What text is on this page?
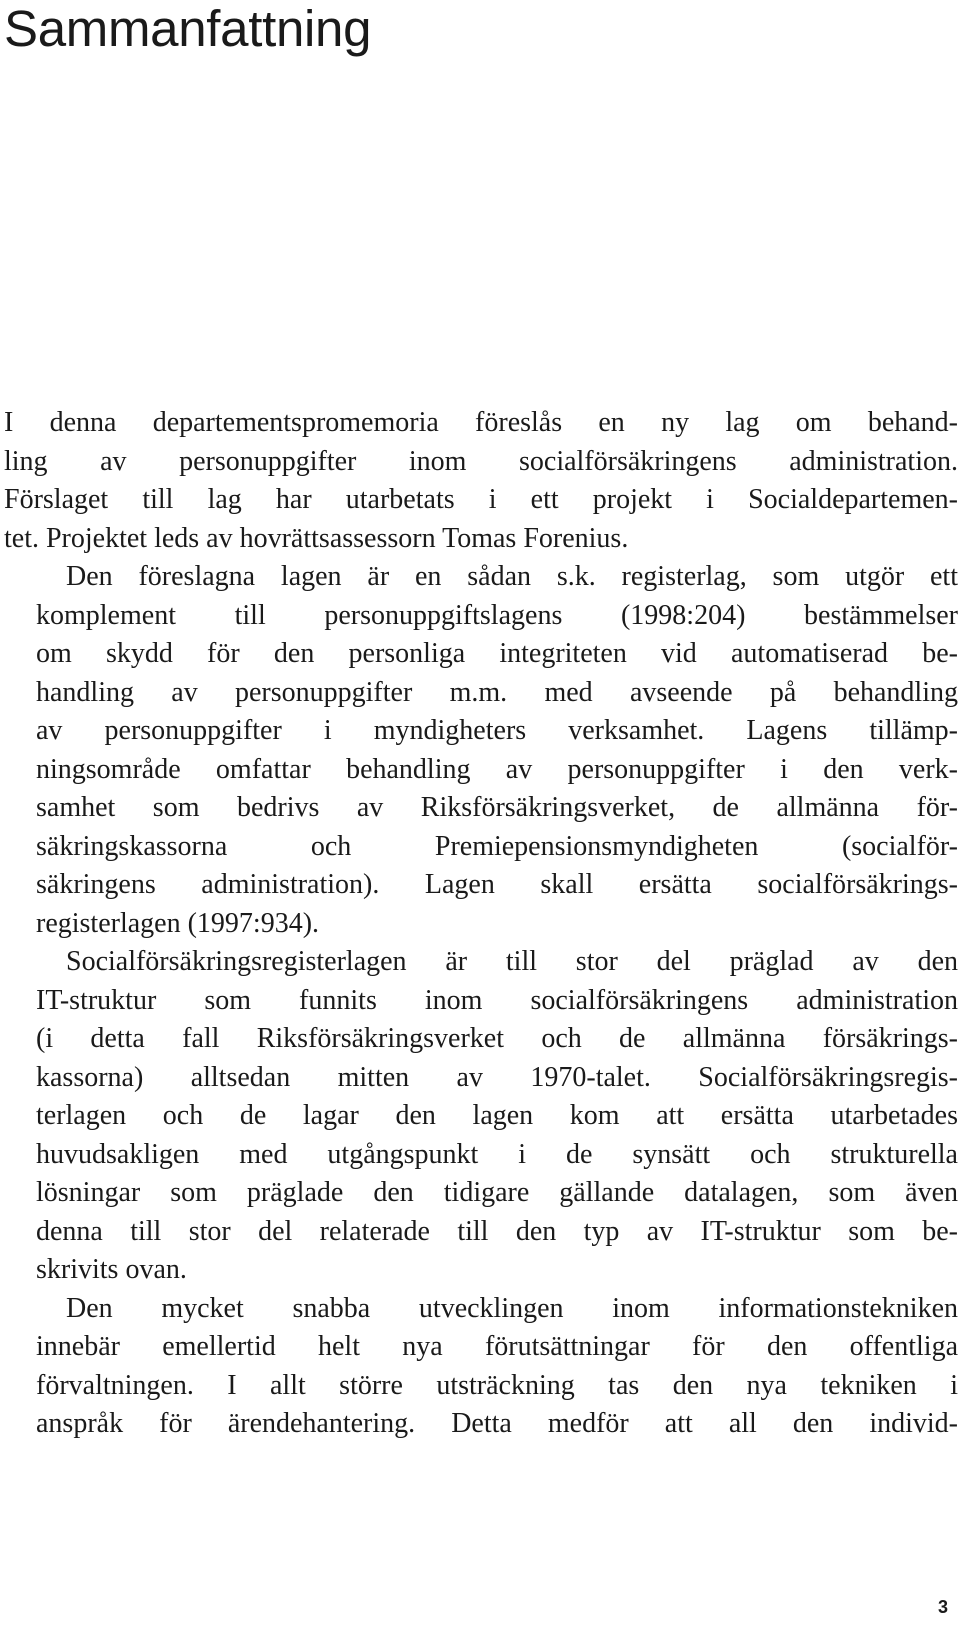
Sammanfattning

I denna departementspromemoria föreslås en ny lag om behand-
ling av personuppgifter inom socialförsäkringens administration.
Förslaget till lag har utarbetats i ett projekt i Socialdepartemen-
tet. Projektet leds av hovrättsassessorn Tomas Forenius.

Den föreslagna lagen är en sådan s.k. registerlag, som utgör ett
komplement till personuppgiftslagens (1998:204) bestämmelser
om skydd för den personliga integriteten vid automatiserad be-
handling av personuppgifter m.m. med avseende på behandling
av personuppgifter i myndigheters verksamhet. Lagens tillämp-
ningsområde omfattar behandling av personuppgifter i den verk-
samhet som bedrivs av Riksförsäkringsverket, de allmänna för-
säkringskassorna och Premiepensionsmyndigheten (socialför-
säkringens administration). Lagen skall ersätta socialförsäkrings-
registerlagen (1997:934).

Socialförsäkringsregisterlagen är till stor del präglad av den
IT-struktur som funnits inom socialförsäkringens administration
(i detta fall Riksförsäkringsverket och de allmänna försäkrings-
kassorna) alltsedan mitten av 1970-talet. Socialförsäkringsregis-
terlagen och de lagar den lagen kom att ersätta utarbetades
huvudsakligen med utgångspunkt i de synsätt och strukturella
lösningar som präglade den tidigare gällande datalagen, som även
denna till stor del relaterade till den typ av IT-struktur som be-
skrivits ovan.

Den mycket snabba utvecklingen inom informationstekniken
innebär emellertid helt nya förutsättningar för den offentliga
förvaltningen. I allt större utsträckning tas den nya tekniken i
anspråk för ärendehantering. Detta medför att all den individ-

3
